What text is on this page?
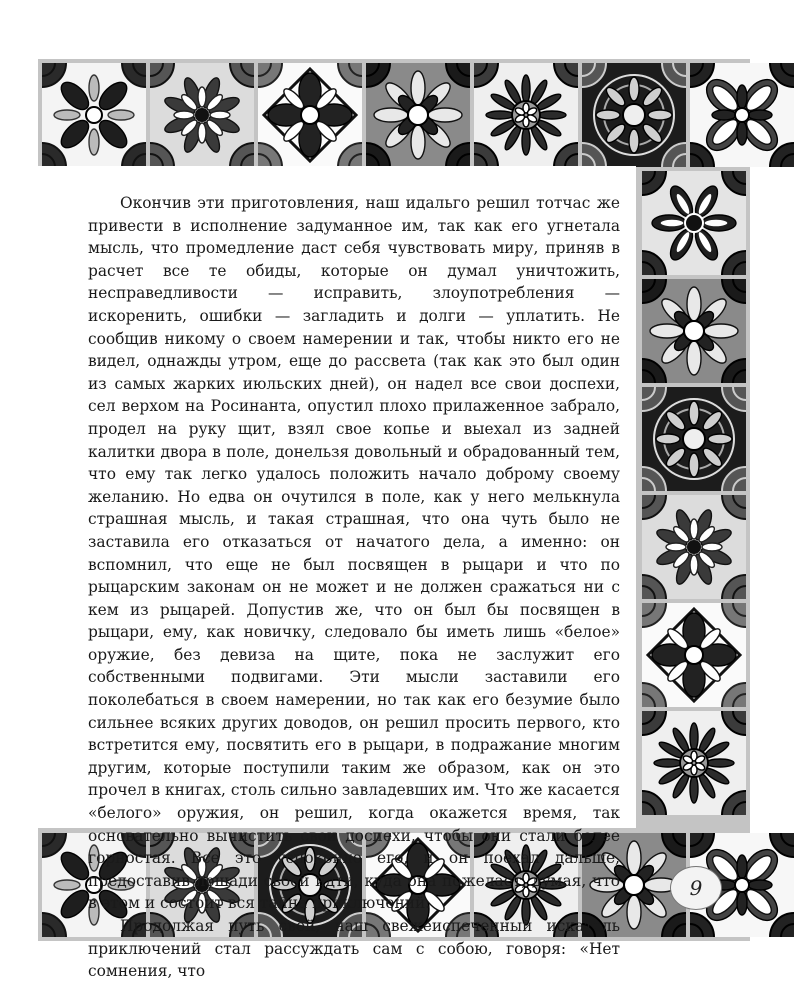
Окончив эти приготовления, наш идальго решил тотчас же привести в исполнение задуманное им, так как его угнетала мысль, что промедление даст себя чувствовать миру, приняв в расчет все те обиды, которые он думал уничтожить, несправедливости — исправить, злоупотребления — искоренить, ошибки — загладить и долги — уплатить. Не сообщив никому о своем намерении и так, чтобы никто его не видел, однажды утром, еще до рассвета (так как это был один из самых жарких июльских дней), он надел все свои доспехи, сел верхом на Росинанта, опустил плохо прилаженное забрало, продел на руку щит, взял свое копье и выехал из задней калитки двора в поле, донельзя довольный и обрадованный тем, что ему так легко удалось положить начало доброму своему желанию. Но едва он очутился в поле, как у него мелькнула страшная мысль, и такая страшная, что она чуть было не заставила его отказаться от начатого дела, а именно: он вспомнил, что еще не был посвящен в рыцари и что по рыцарским законам он не может и не должен сражаться ни с кем из рыцарей. Допустив же, что он был бы посвящен в рыцари, ему, как новичку, следовало бы иметь лишь «белое» оружие, без девиза на щите, пока не заслужит его собственными подвигами. Эти мысли заставили его поколебаться в своем намерении, но так как его безумие было сильнее всяких других доводов, он решил просить первого, кто встретится ему, посвятить его в рыцари, в подражание многим другим, которые поступили таким же образом, как он это прочел в книгах, столь сильно завладевших им. Что же касается «белого» оружия, он решил, когда окажется время, так основательно вычистить свои доспехи, чтобы они стали белее горностая. Все это успокоило его, и он поехал дальше, предоставив лошади своей идти, куда она пожелает, думая, что в этом и состоит вся тайна приключений.

Продолжая путь свой, наш свежеиспеченный искатель приключений стал рассуждать сам с собою, говоря: «Нет сомнения, что

9
